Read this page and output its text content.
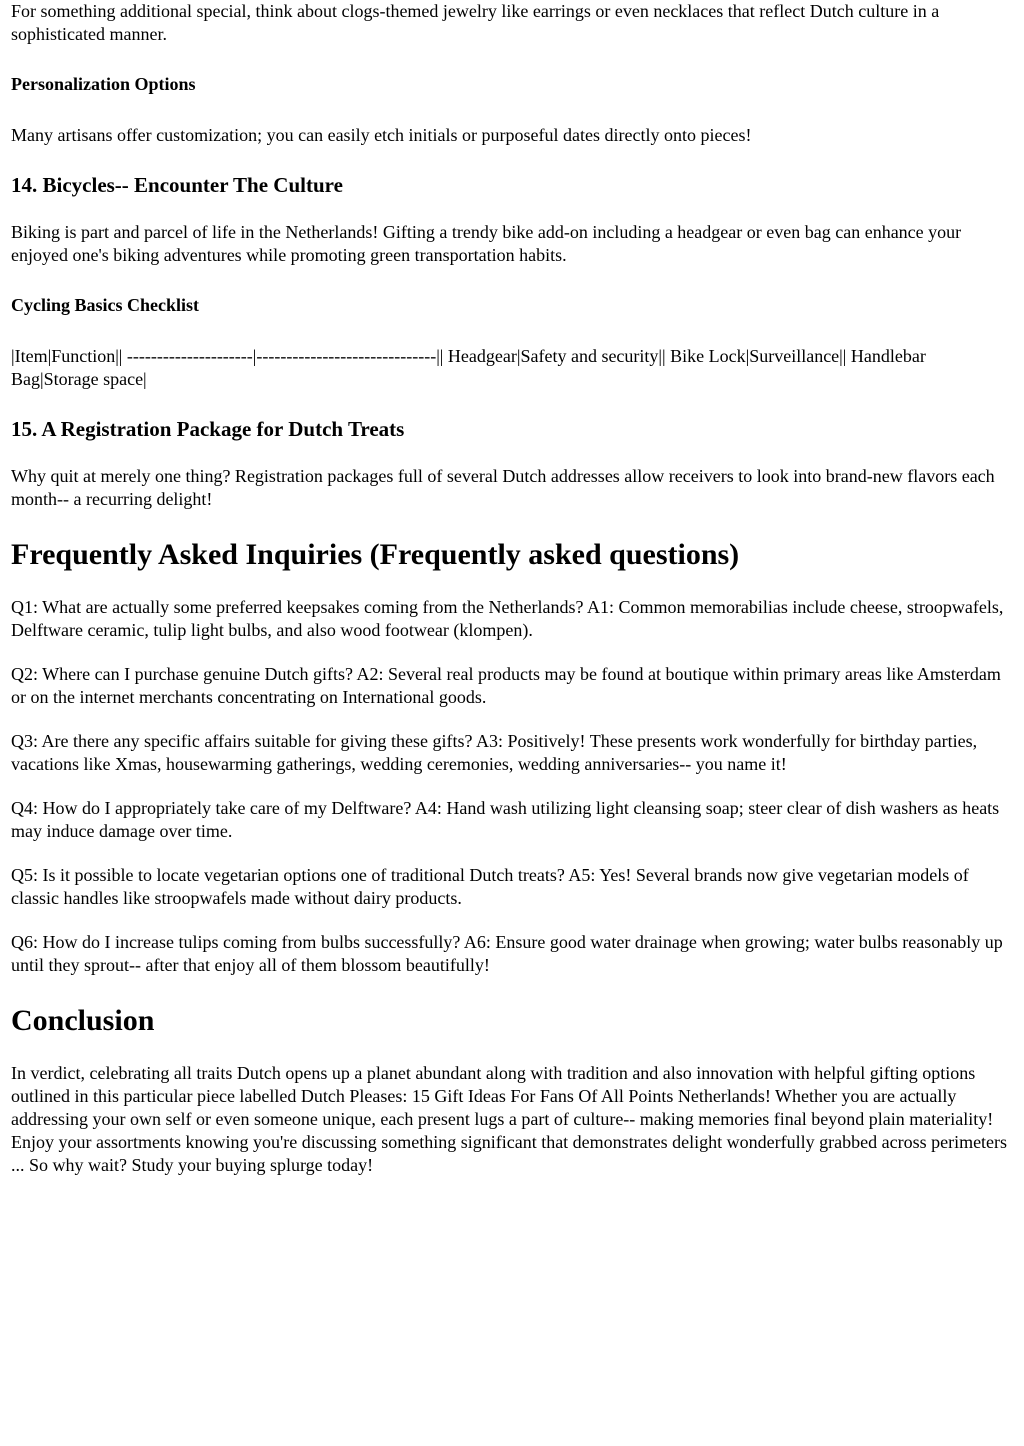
For something additional special, think about clogs-themed jewelry like earrings or even necklaces that reflect Dutch culture in a sophisticated manner.

Personalization Options

Many artisans offer customization; you can easily etch initials or purposeful dates directly onto pieces!

14. Bicycles-- Encounter The Culture

Biking is part and parcel of life in the Netherlands! Gifting a trendy bike add-on including a headgear or even bag can enhance your enjoyed one's biking adventures while promoting green transportation habits.

Cycling Basics Checklist

|Item|Function|| ---------------------|------------------------------|| Headgear|Safety and security|| Bike Lock|Surveillance|| Handlebar Bag|Storage space|

15. A Registration Package for Dutch Treats

Why quit at merely one thing? Registration packages full of several Dutch addresses allow receivers to look into brand-new flavors each month-- a recurring delight!

Frequently Asked Inquiries (Frequently asked questions)

Q1: What are actually some preferred keepsakes coming from the Netherlands? A1: Common memorabilias include cheese, stroopwafels, Delftware ceramic, tulip light bulbs, and also wood footwear (klompen).

Q2: Where can I purchase genuine Dutch gifts? A2: Several real products may be found at boutique within primary areas like Amsterdam or on the internet merchants concentrating on International goods.

Q3: Are there any specific affairs suitable for giving these gifts? A3: Positively! These presents work wonderfully for birthday parties, vacations like Xmas, housewarming gatherings, wedding ceremonies, wedding anniversaries-- you name it!

Q4: How do I appropriately take care of my Delftware? A4: Hand wash utilizing light cleansing soap; steer clear of dish washers as heats may induce damage over time.

Q5: Is it possible to locate vegetarian options one of traditional Dutch treats? A5: Yes! Several brands now give vegetarian models of classic handles like stroopwafels made without dairy products.

Q6: How do I increase tulips coming from bulbs successfully? A6: Ensure good water drainage when growing; water bulbs reasonably up until they sprout-- after that enjoy all of them blossom beautifully!

Conclusion

In verdict, celebrating all traits Dutch opens up a planet abundant along with tradition and also innovation with helpful gifting options outlined in this particular piece labelled Dutch Pleases: 15 Gift Ideas For Fans Of All Points Netherlands! Whether you are actually addressing your own self or even someone unique, each present lugs a part of culture-- making memories final beyond plain materiality! Enjoy your assortments knowing you're discussing something significant that demonstrates delight wonderfully grabbed across perimeters ... So why wait? Study your buying splurge today!
